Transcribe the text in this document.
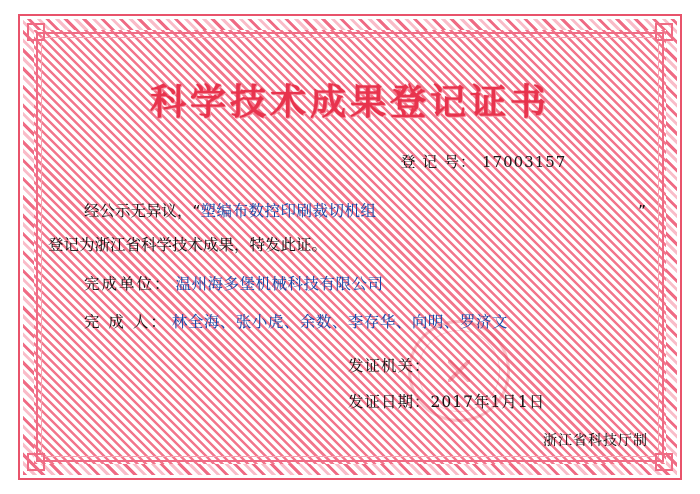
科学技术成果登记证书
登 记 号： 17003157
”
经公示无异议，“塑编布数控印刷裁切机组
登记为浙江省科学技术成果，特发此证。
完成单位： 温州海多堡机械科技有限公司
完 成 人： 林全海、张小虎、余数、李存华、向明、罗济文
发证机关：
发证日期：2017年1月1日
浙江省科技厅制
